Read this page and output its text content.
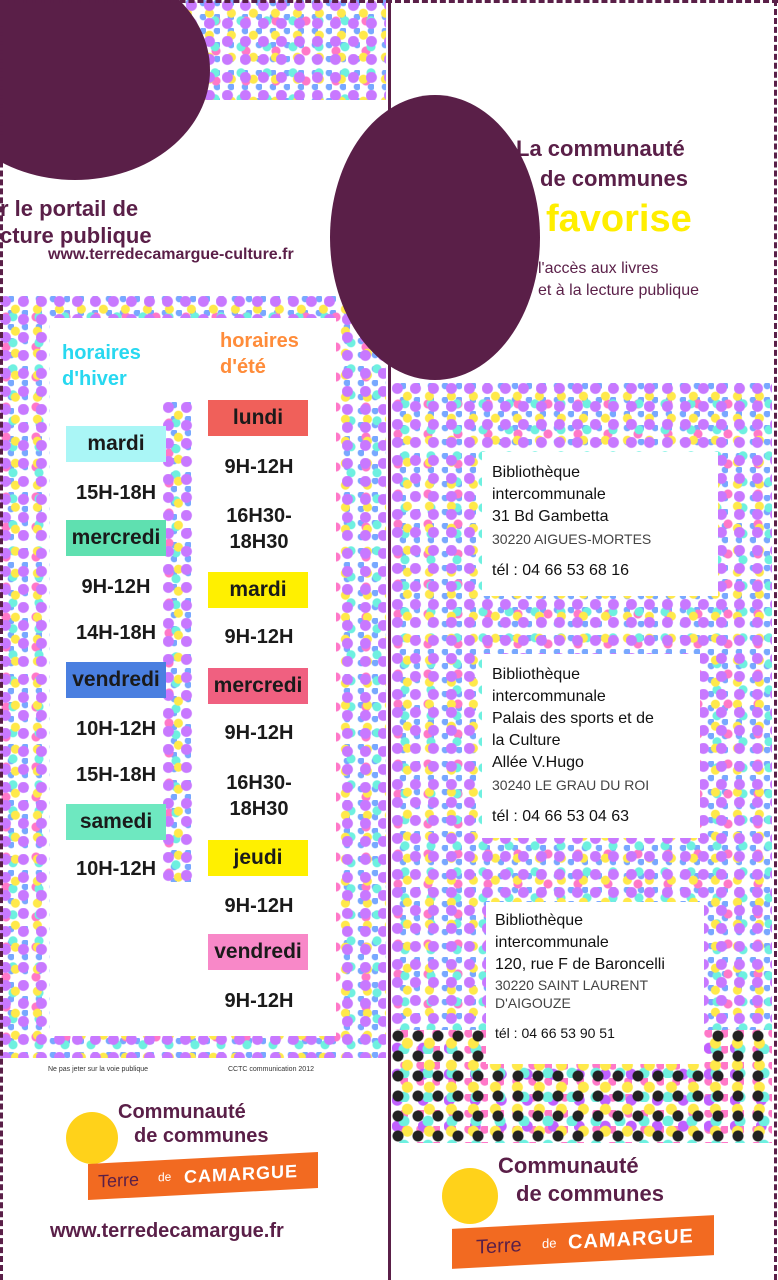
nue
r le portail de
cture publique
www.terredecamargue-culture.fr
horaires
d'hiver
horaires
d'été
mardi
15H-18H
mercredi
9H-12H
14H-18H
vendredi
10H-12H
15H-18H
samedi
10H-12H
lundi
9H-12H
16H30-
18H30
mardi
9H-12H
mercredi
9H-12H
16H30-
18H30
jeudi
9H-12H
vendredi
9H-12H
Ne pas jeter sur la voie publique	CCTC communication 2012
Communauté
de communes
Terre de CAMARGUE
www.terredecamargue.fr
La communauté
de communes
favorise
l'accès aux livres
et à la lecture publique
Bibliothèque
intercommunale
31 Bd Gambetta
30220 AIGUES-MORTES
tél : 04 66 53 68 16
Bibliothèque
intercommunale
Palais des sports et de
la Culture
Allée V.Hugo
30240 LE GRAU DU ROI
tél : 04 66 53 04 63
Bibliothèque
intercommunale
120, rue F de Baroncelli
30220 SAINT LAURENT
D'AIGOUZE
tél : 04 66 53 90 51
Communauté
de communes
Terre de CAMARGUE
